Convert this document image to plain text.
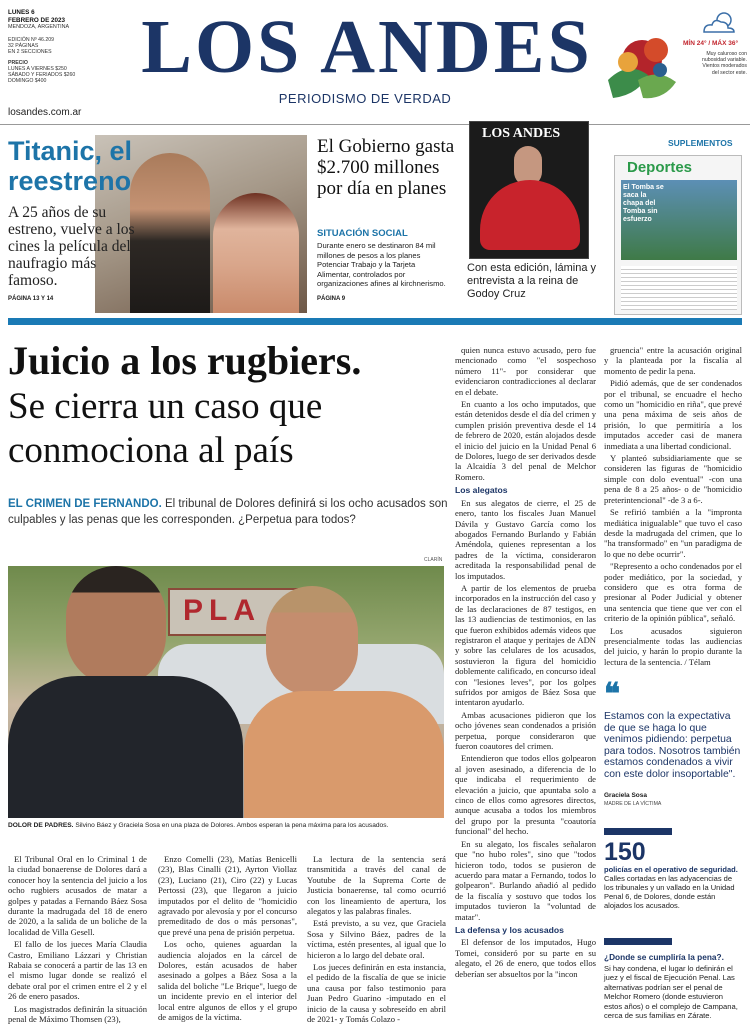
LUNES 6
FEBRERO DE 2023
MENDOZA, ARGENTINA
EDICIÓN Nº 46.209
32 PÁGINAS
EN 2 SECCIONES
PRECIO
LUNES A VIERNES $250
SÁBADO Y FERIADOS $260
DOMINGO $400
losandes.com.ar
LOS ANDES
PERIODISMO DE VERDAD
MÍN 24° / MÁX 36°
Muy caluroso con
nubosidad variable.
Vientos moderados
del sector este.
Titanic, el reestreno
A 25 años de su estreno, vuelve a los cines la película del naufragio más famoso.
PÁGINA 13 Y 14
El Gobierno gasta $2.700 millones por día en planes
SITUACIÓN SOCIAL
Durante enero se destinaron 84 mil millones de pesos a los planes Potenciar Trabajo y la Tarjeta Alimentar, controlados por organizaciones afines al kirchnerismo.
PÁGINA 9
LOS ANDES
Con esta edición, lámina y entrevista a la reina de Godoy Cruz
SUPLEMENTOS
Deportes
El Tomba se saca la chapa del Tomba sin esfuerzo
Juicio a los rugbiers.
Se cierra un caso que conmociona al país
EL CRIMEN DE FERNANDO. El tribunal de Dolores definirá si los ocho acusados son culpables y las penas que les corresponden. ¿Perpetua para todos?
CLARÍN
PLA
DOLOR DE PADRES. Silvino Báez y Graciela Sosa en una plaza de Dolores. Ambos esperan la pena máxima para los acusados.

El Tribunal Oral en lo Criminal 1 de la ciudad bonaerense de Dolores dará a conocer hoy la sentencia del juicio a los ocho rugbiers acusados de matar a golpes y patadas a Fernando Báez Sosa durante la madrugada del 18 de enero de 2020, a la salida de un boliche de la localidad de Villa Gesell.

El fallo de los jueces María Claudia Castro, Emiliano Lázzari y Christian Rabaia se conocerá a partir de las 13 en el mismo lugar donde se realizó el debate oral por el crimen entre el 2 y el 26 de enero pasados.

Los magistrados definirán la situación penal de Máximo Thomsen (23),

Enzo Comelli (23), Matías Benicelli (23), Blas Cinalli (21), Ayrton Viollaz (23), Luciano (21), Ciro (22) y Lucas Pertossi (23), que llegaron a juicio imputados por el delito de "homicidio agravado por alevosía y por el concurso premeditado de dos o más personas", que prevé una pena de prisión perpetua.

Los ocho, quienes aguardan la audiencia alojados en la cárcel de Dolores, están acusados de haber asesinado a golpes a Báez Sosa a la salida del boliche "Le Brique", luego de un incidente previo en el interior del local entre algunos de ellos y el grupo de amigos de la víctima.

La lectura de la sentencia será transmitida a través del canal de Youtube de la Suprema Corte de Justicia bonaerense, tal como ocurrió con los lineamiento de apertura, los alegatos y las palabras finales.

Está previsto, a su vez, que Graciela Sosa y Silvino Báez, padres de la víctima, estén presentes, al igual que lo hicieron a lo largo del debate oral.

Los jueces definirán en esta instancia, el pedido de la fiscalía de que se inicie una causa por falso testimonio para Juan Pedro Guarino -imputado en el inicio de la causa y sobreseído en abril de 2021- y Tomás Colazo -

quien nunca estuvo acusado, pero fue mencionado como "el sospechoso número 11"- por considerar que evidenciaron contradicciones al declarar en el debate.

En cuanto a los ocho imputados, que están detenidos desde el día del crimen y cumplen prisión preventiva desde el 14 de febrero de 2020, están alojados desde el inicio del juicio en la Unidad Penal 6 de Dolores, luego de ser derivados desde la Alcaidía 3 del penal de Melchor Romero.

Los alegatos

En sus alegatos de cierre, el 25 de enero, tanto los fiscales Juan Manuel Dávila y Gustavo García como los abogados Fernando Burlando y Fabián Améndola, quienes representan a los padres de la víctima, consideraron acreditada la responsabilidad penal de los imputados.

A partir de los elementos de prueba incorporados en la instrucción del caso y de las declaraciones de 87 testigos, en las 13 audiencias de testimonios, en las que fueron exhibidos además videos que registraron el ataque y peritajes de ADN y sobre las celulares de los acusados, sostuvieron la figura del homicidio doblemente calificado, en concurso ideal con "lesiones leves", por los golpes sufridos por amigos de Báez Sosa que intentaron ayudarlo.

Ambas acusaciones pidieron que los ocho jóvenes sean condenados a prisión perpetua, porque consideraron que fueron coautores del crimen.

Entendieron que todos ellos golpearon al joven asesinado, a diferencia de lo que indicaba el requerimiento de elevación a juicio, que apuntaba solo a cinco de ellos como agresores directos, aunque acusaba a todos los miembros del grupo por la presunta "coautoría funcional" del hecho.

En su alegato, los fiscales señalaron que "no hubo roles", sino que "todos hicieron todo, todos se pusieron de acuerdo para matar a Fernando, todos lo golpearon". Burlando añadió al pedido de la fiscalía y sostuvo que todos los imputados tuvieron la "voluntad de matar".

La defensa y los acusados

El defensor de los imputados, Hugo Tomei, consideró por su parte en su alegato, el 26 de enero, que todos ellos deberían ser absueltos por la "incon

gruencia" entre la acusación original y la planteada por la fiscalía al momento de pedir la pena.

Pidió además, que de ser condenados por el tribunal, se encuadre el hecho como un "homicidio en riña", que prevé una pena máxima de seis años de prisión, lo que permitiría a los imputados acceder casi de manera inmediata a una libertad condicional.

Y planteó subsidiariamente que se consideren las figuras de "homicidio simple con dolo eventual" -con una pena de 8 a 25 años- o de "homicidio preterintencional" -de 3 a 6-.

Se refirió también a la "impronta mediática inigualable" que tuvo el caso desde la madrugada del crimen, que lo "ha transformado" en "un paradigma de lo que no debe ocurrir".

"Represento a ocho condenados por el poder mediático, por la sociedad, y considero que es otra forma de presionar al Poder Judicial y obtener una sentencia que tiene que ver con el criterio de la opinión pública", señaló.

Los acusados siguieron presencialmente todas las audiencias del juicio, y harán lo propio durante la lectura de la sentencia. / Télam

❝
Estamos con la expectativa de que se haga lo que venimos pidiendo: perpetua para todos. Nosotros también estamos condenados a vivir con este dolor insoportable".
Graciela Sosa
MADRE DE LA VÍCTIMA
150
policías en el operativo de seguridad. Calles cortadas en las adyacencias de los tribunales y un vallado en la Unidad Penal 6, de Dolores, donde están alojados los acusados.
¿Donde se cumpliría la pena?.
Si hay condena, el lugar lo definirán el juez y el fiscal de Ejecución Penal. Las alternativas podrían ser el penal de Melchor Romero (donde estuvieron estos años) o el complejo de Campana, cerca de sus familias en Zárate.
